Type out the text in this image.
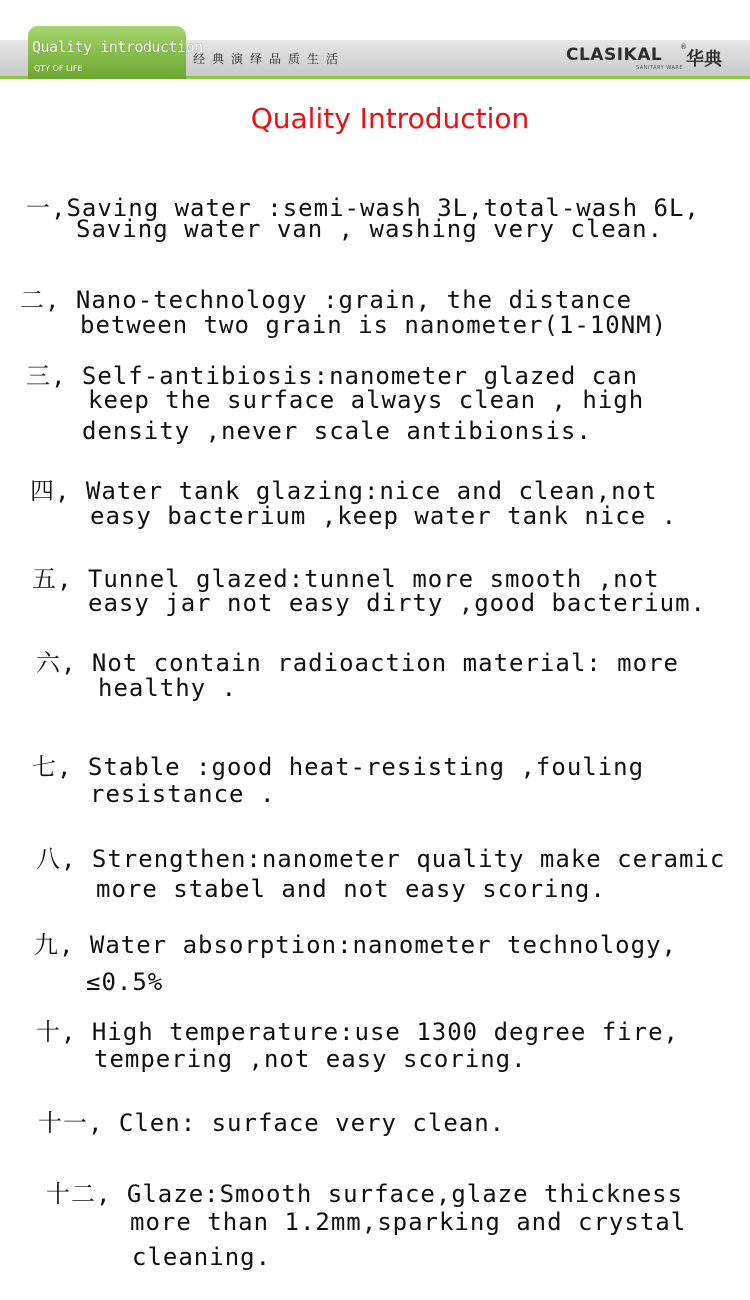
Quality introduction
QTY OF LIFE
经典演绎品质生活	CLASIKAL	®
华典
SANITARY WARE
Quality Introduction
一,Saving water :semi-wash 3L,total-wash 6L,
Saving water van , washing very clean.
二, Nano-technology :grain, the distance
between two grain is nanometer(1-10NM)
三, Self-antibiosis:nanometer glazed can
keep the surface always clean , high
density ,never scale antibionsis.
四, Water tank glazing:nice and clean,not
easy bacterium ,keep water tank nice .
五, Tunnel glazed:tunnel more smooth ,not
easy jar not easy dirty ,good bacterium.
六, Not contain radioaction material: more
healthy .
七, Stable :good heat-resisting ,fouling
resistance .
八, Strengthen:nanometer quality make ceramic
more stabel and not easy scoring.
九, Water absorption:nanometer technology,
≤0.5%
十, High temperature:use 1300 degree fire,
tempering ,not easy scoring.
十一, Clen: surface very clean.
十二, Glaze:Smooth surface,glaze thickness
more than 1.2mm,sparking and crystal
cleaning.
